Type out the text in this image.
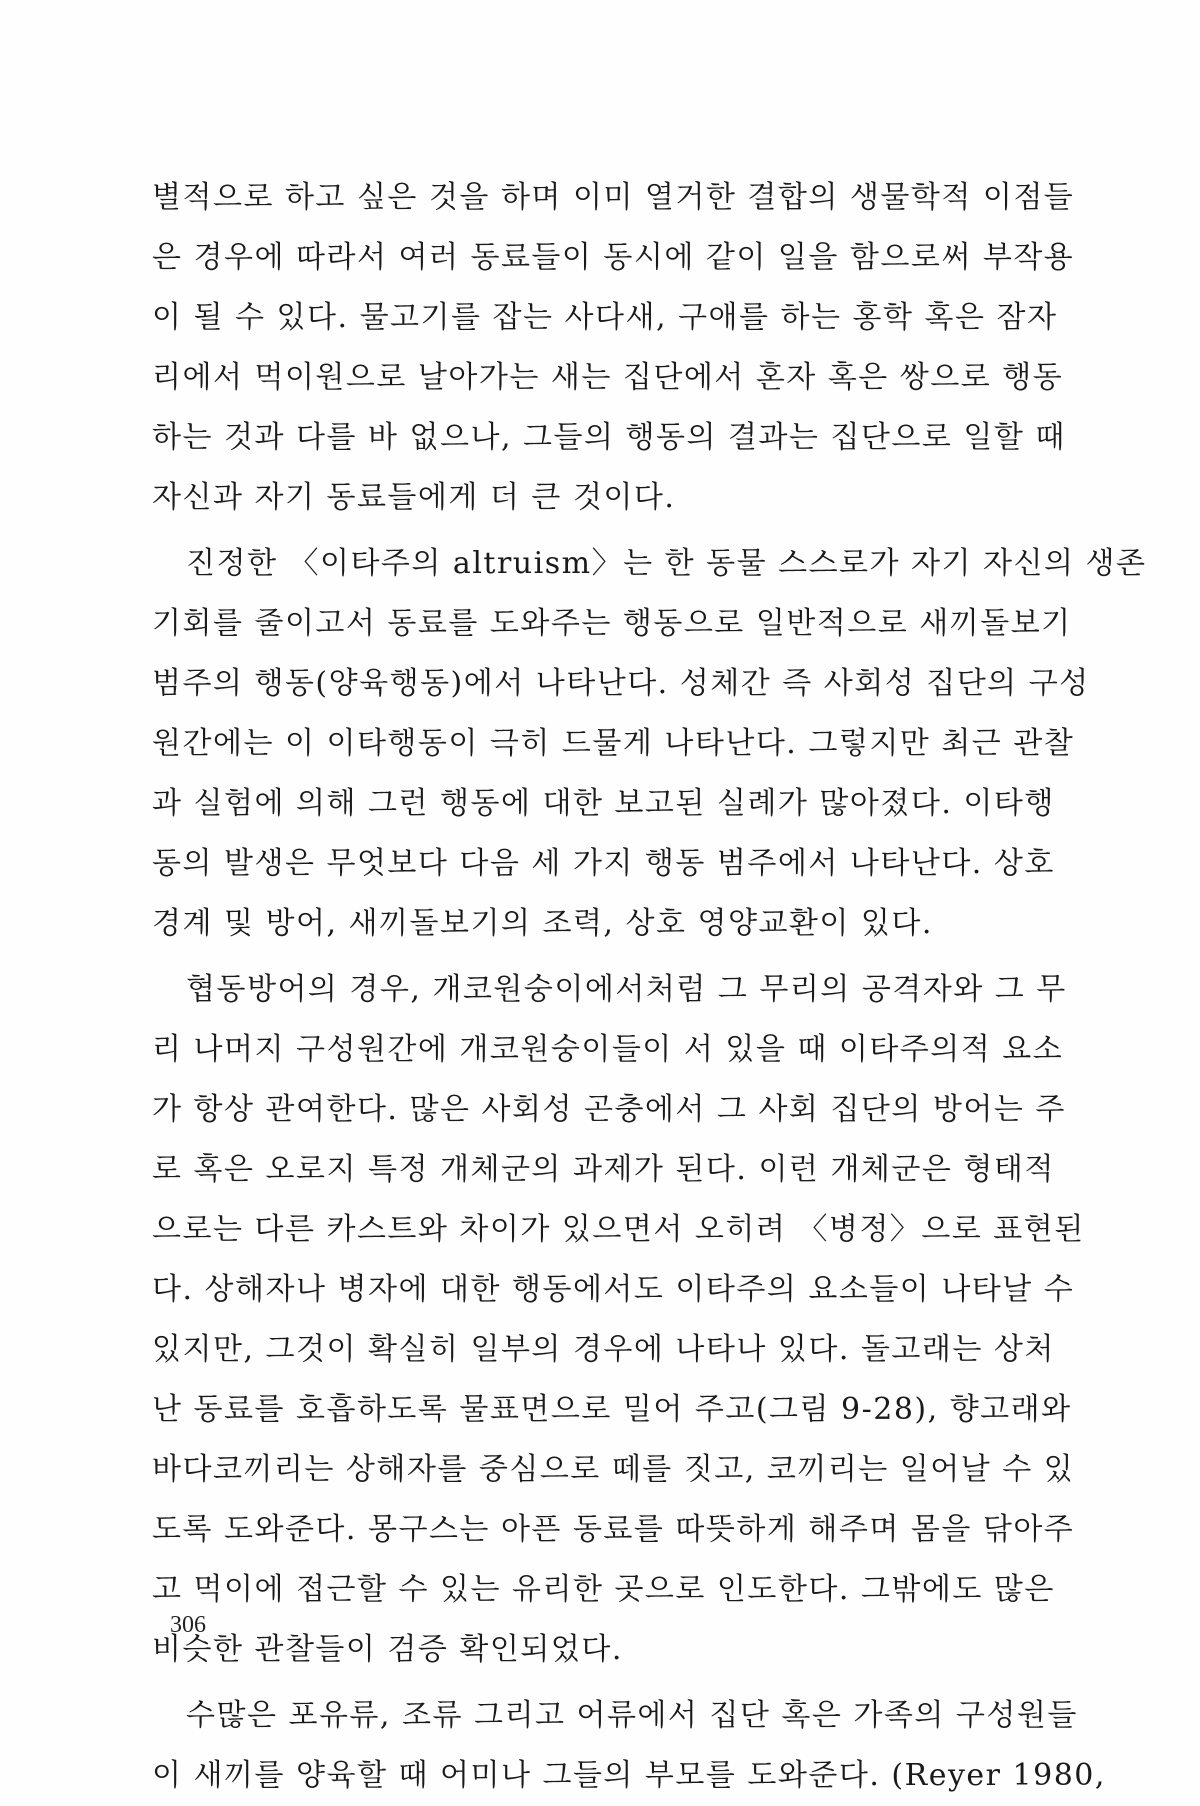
별적으로 하고 싶은 것을 하며 이미 열거한 결합의 생물학적 이점들
은 경우에 따라서 여러 동료들이 동시에 같이 일을 함으로써 부작용
이 될 수 있다. 물고기를 잡는 사다새, 구애를 하는 홍학 혹은 잠자
리에서 먹이원으로 날아가는 새는 집단에서 혼자 혹은 쌍으로 행동
하는 것과 다를 바 없으나, 그들의 행동의 결과는 집단으로 일할 때
자신과 자기 동료들에게 더 큰 것이다.
진정한 〈이타주의 altruism〉는 한 동물 스스로가 자기 자신의 생존
기회를 줄이고서 동료를 도와주는 행동으로 일반적으로 새끼돌보기
범주의 행동(양육행동)에서 나타난다. 성체간 즉 사회성 집단의 구성
원간에는 이 이타행동이 극히 드물게 나타난다. 그렇지만 최근 관찰
과 실험에 의해 그런 행동에 대한 보고된 실례가 많아졌다. 이타행
동의 발생은 무엇보다 다음 세 가지 행동 범주에서 나타난다. 상호
경계 및 방어, 새끼돌보기의 조력, 상호 영양교환이 있다.
협동방어의 경우, 개코원숭이에서처럼 그 무리의 공격자와 그 무
리 나머지 구성원간에 개코원숭이들이 서 있을 때 이타주의적 요소
가 항상 관여한다. 많은 사회성 곤충에서 그 사회 집단의 방어는 주
로 혹은 오로지 특정 개체군의 과제가 된다. 이런 개체군은 형태적
으로는 다른 카스트와 차이가 있으면서 오히려 〈병정〉으로 표현된
다. 상해자나 병자에 대한 행동에서도 이타주의 요소들이 나타날 수
있지만, 그것이 확실히 일부의 경우에 나타나 있다. 돌고래는 상처
난 동료를 호흡하도록 물표면으로 밀어 주고(그림 9-28), 향고래와
바다코끼리는 상해자를 중심으로 떼를 짓고, 코끼리는 일어날 수 있
도록 도와준다. 몽구스는 아픈 동료를 따뜻하게 해주며 몸을 닦아주
고 먹이에 접근할 수 있는 유리한 곳으로 인도한다. 그밖에도 많은
비슷한 관찰들이 검증 확인되었다.
수많은 포유류, 조류 그리고 어류에서 집단 혹은 가족의 구성원들
이 새끼를 양육할 때 어미나 그들의 부모를 도와준다. (Reyer 1980,
306
